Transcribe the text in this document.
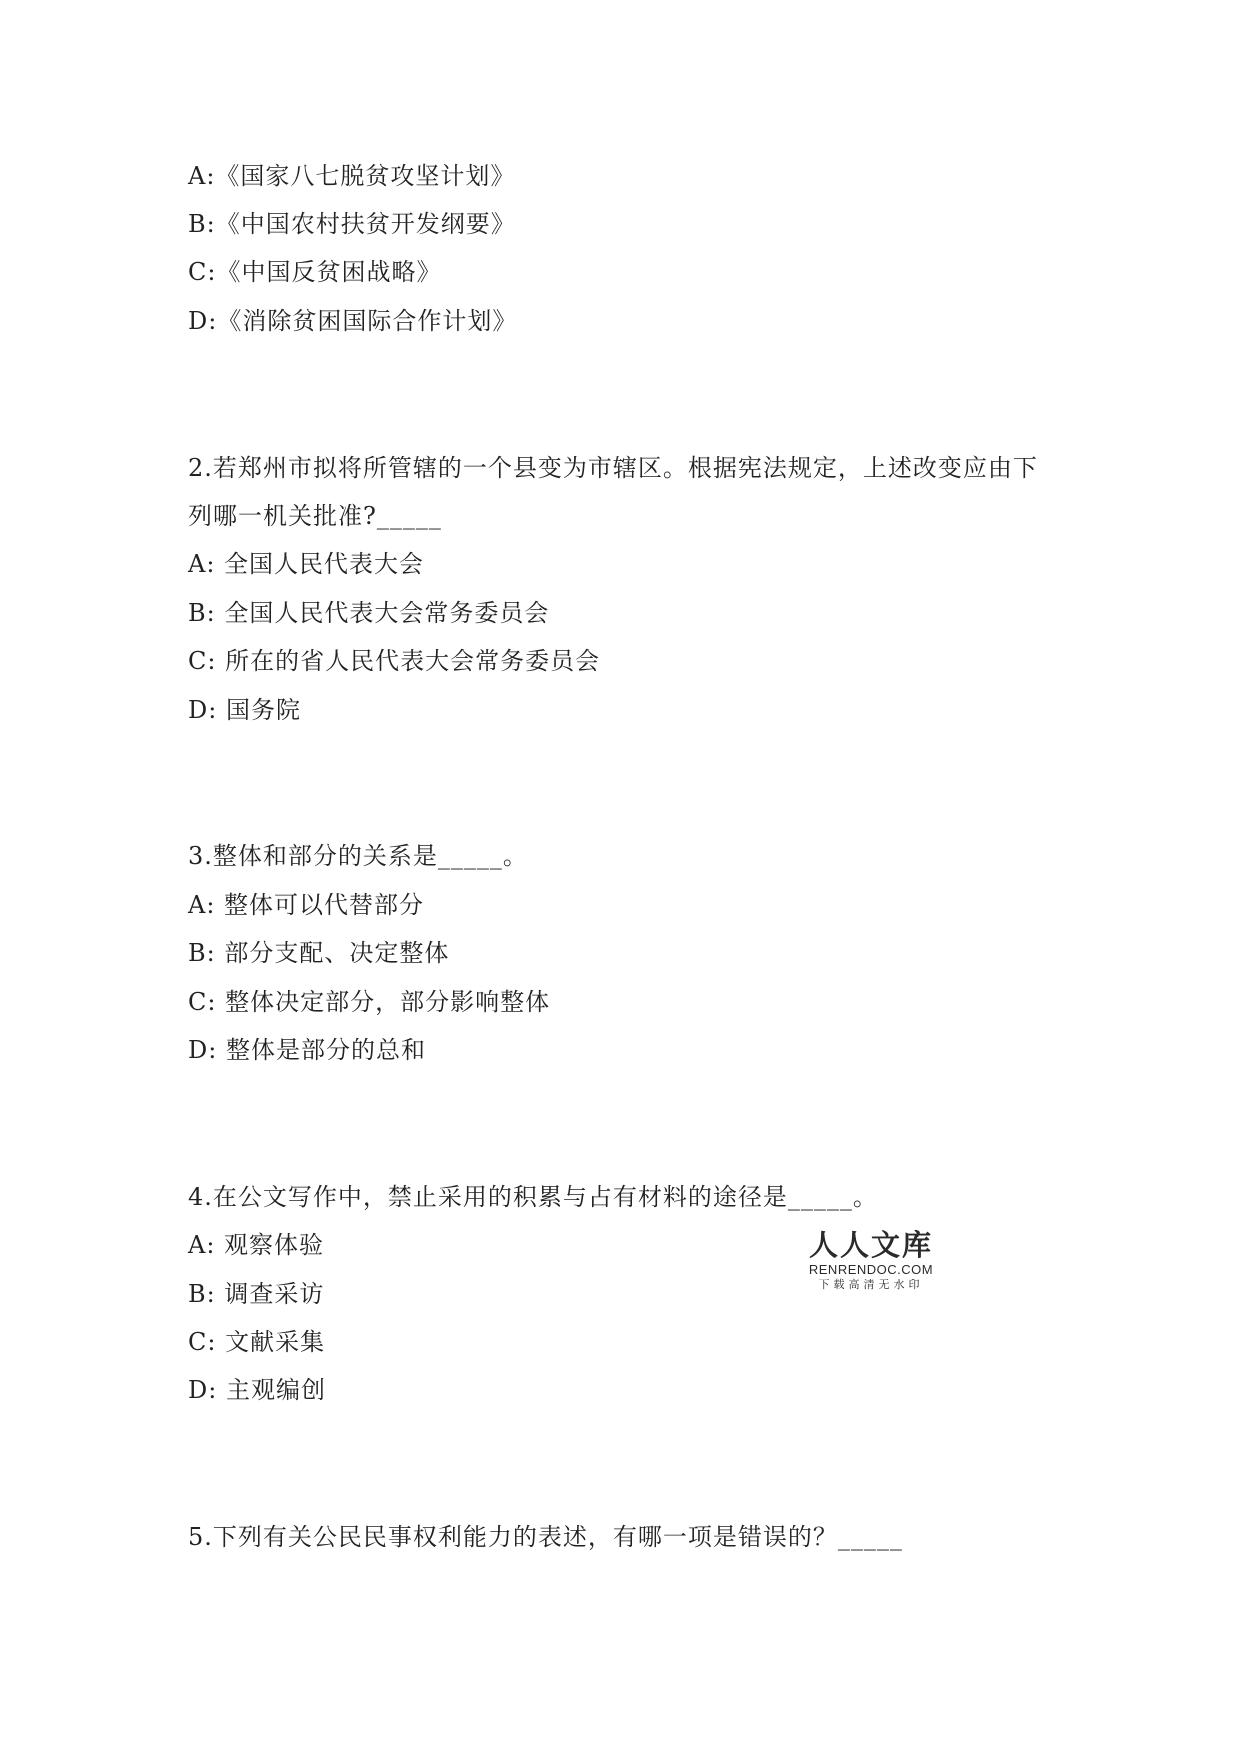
A:《国家八七脱贫攻坚计划》
B:《中国农村扶贫开发纲要》
C:《中国反贫困战略》
D:《消除贫困国际合作计划》
2.若郑州市拟将所管辖的一个县变为市辖区。根据宪法规定，上述改变应由下
列哪一机关批准?_____
A: 全国人民代表大会
B: 全国人民代表大会常务委员会
C: 所在的省人民代表大会常务委员会
D: 国务院
3.整体和部分的关系是_____。
A: 整体可以代替部分
B: 部分支配、决定整体
C: 整体决定部分，部分影响整体
D: 整体是部分的总和
4.在公文写作中，禁止采用的积累与占有材料的途径是_____。
A: 观察体验
B: 调查采访
C: 文献采集
D: 主观编创
5.下列有关公民民事权利能力的表述，有哪一项是错误的？_____
人人文库
RENRENDOC.COM
下载高清无水印
